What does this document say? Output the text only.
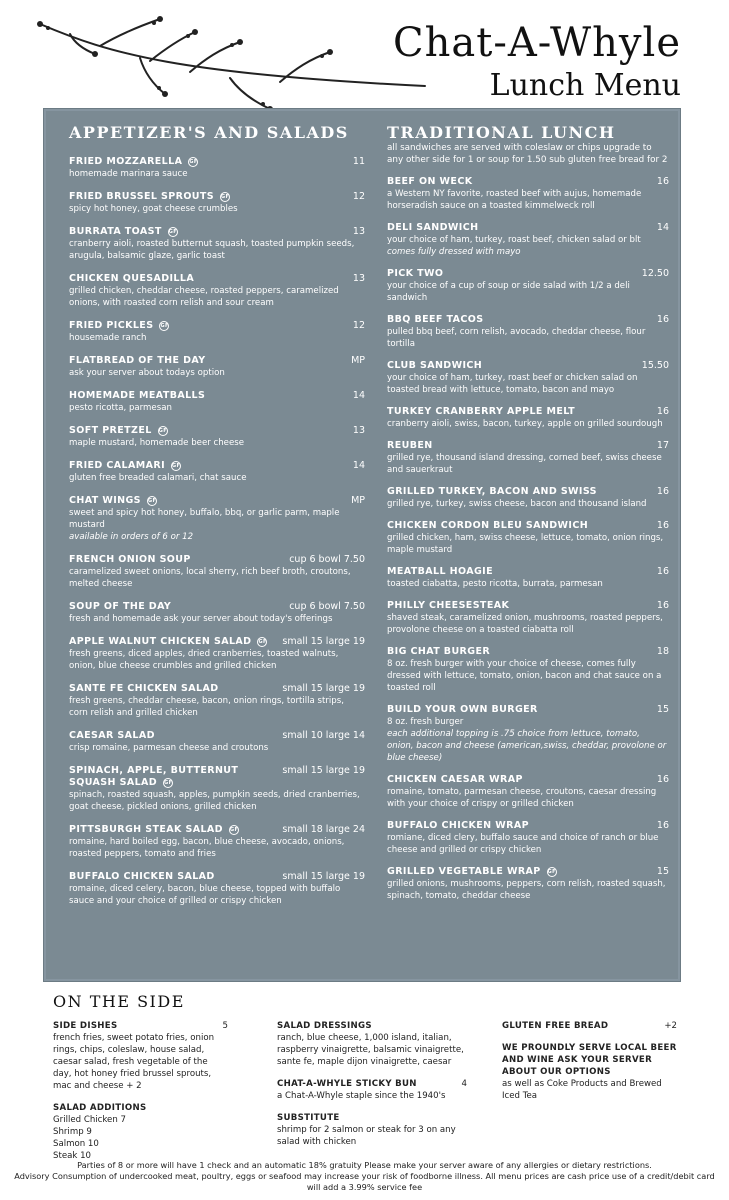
Chat-A-Whyle
Lunch Menu
APPETIZER'S AND SALADS
FRIED MOZZARELLA GF	11
homemade marinara sauce
FRIED BRUSSEL SPROUTS GF	12
spicy hot honey, goat cheese crumbles
BURRATA TOAST GF	13
cranberry aioli, roasted butternut squash, toasted pumpkin seeds, arugula, balsamic glaze, garlic toast
CHICKEN QUESADILLA	13
grilled chicken, cheddar cheese, roasted peppers, caramelized onions, with roasted corn relish and sour cream
FRIED PICKLES GF	12
housemade ranch
FLATBREAD OF THE DAY	MP
ask your server about todays option
HOMEMADE MEATBALLS	14
pesto ricotta, parmesan
SOFT PRETZEL GF	13
maple mustard, homemade beer cheese
FRIED CALAMARI GF	14
gluten free breaded calamari, chat sauce
CHAT WINGS GF	MP
sweet and spicy hot honey, buffalo, bbq, or garlic parm, maple mustard
available in orders of 6 or 12
FRENCH ONION SOUP	cup 6 bowl 7.50
caramelized sweet onions, local sherry, rich beef broth, croutons, melted cheese
SOUP OF THE DAY	cup 6 bowl 7.50
fresh and homemade ask your server about today's offerings
APPLE WALNUT CHICKEN SALAD GF small 15 large 19
fresh greens, diced apples, dried cranberries, toasted walnuts, onion, blue cheese crumbles and grilled chicken
SANTE FE CHICKEN SALAD	small 15 large 19
fresh greens, cheddar cheese, bacon, onion rings, tortilla strips, corn relish and grilled chicken
CAESAR SALAD	small 10 large 14
crisp romaine, parmesan cheese and croutons
SPINACH, APPLE, BUTTERNUT SQUASH SALAD GF
small 15 large 19
spinach, roasted squash, apples, pumpkin seeds, dried cranberries, goat cheese, pickled onions, grilled chicken
PITTSBURGH STEAK SALAD GF	small 18 large 24
romaine, hard boiled egg, bacon, blue cheese, avocado, onions, roasted peppers, tomato and fries
BUFFALO CHICKEN SALAD	small 15 large 19
romaine, diced celery, bacon, blue cheese, topped with buffalo sauce and your choice of grilled or crispy chicken
TRADITIONAL LUNCH
all sandwiches are served with coleslaw or chips upgrade to any other side for 1 or soup for 1.50 sub gluten free bread for 2
BEEF ON WECK	16
a Western NY favorite, roasted beef with aujus, homemade horseradish sauce on a toasted kimmelweck roll
DELI SANDWICH	14
your choice of ham, turkey, roast beef, chicken salad or blt
comes fully dressed with mayo
PICK TWO	12.50
your choice of a cup of soup or side salad with 1/2 a deli sandwich
BBQ BEEF TACOS	16
pulled bbq beef, corn relish, avocado, cheddar cheese, flour tortilla
CLUB SANDWICH	15.50
your choice of ham, turkey, roast beef or chicken salad on toasted bread with lettuce, tomato, bacon and mayo
TURKEY CRANBERRY APPLE MELT	16
cranberry aioli, swiss, bacon, turkey, apple on grilled sourdough
REUBEN	17
grilled rye, thousand island dressing, corned beef, swiss cheese and sauerkraut
GRILLED TURKEY, BACON AND SWISS	16
grilled rye, turkey, swiss cheese, bacon and thousand island
CHICKEN CORDON BLEU SANDWICH	16
grilled chicken, ham, swiss cheese, lettuce, tomato, onion rings, maple mustard
MEATBALL HOAGIE	16
toasted ciabatta, pesto ricotta, burrata, parmesan
PHILLY CHEESESTEAK	16
shaved steak, caramelized onion, mushrooms, roasted peppers, provolone cheese on a toasted ciabatta roll
BIG CHAT BURGER	18
8 oz. fresh burger with your choice of cheese, comes fully dressed with lettuce, tomato, onion, bacon and chat sauce on a toasted roll
BUILD YOUR OWN BURGER	15
8 oz. fresh burger
each additional topping is .75 choice from lettuce, tomato, onion, bacon and cheese (american,swiss, cheddar, provolone or blue cheese)
CHICKEN CAESAR WRAP	16
romaine, tomato, parmesan cheese, croutons, caesar dressing with your choice of crispy or grilled chicken
BUFFALO CHICKEN WRAP	16
romiane, diced clery, buffalo sauce and choice of ranch or blue cheese and grilled or crispy chicken
GRILLED VEGETABLE WRAP GF	15
grilled onions, mushrooms, peppers, corn relish, roasted squash, spinach, tomato, cheddar cheese
ON THE SIDE
SIDE DISHES	5
french fries, sweet potato fries, onion rings, chips, coleslaw, house salad, caesar salad, fresh vegetable of the day, hot honey fried brussel sprouts, mac and cheese + 2
SALAD ADDITIONS
Grilled Chicken 7
Shrimp 9
Salmon 10
Steak 10
SALAD DRESSINGS
ranch, blue cheese, 1,000 island, italian, raspberry vinaigrette, balsamic vinaigrette, sante fe, maple dijon vinaigrette, caesar
CHAT-A-WHYLE STICKY BUN	4
a Chat-A-Whyle staple since the 1940's
SUBSTITUTE
shrimp for 2 salmon or steak for 3 on any salad with chicken
GLUTEN FREE BREAD	+2
WE PROUNDLY SERVE LOCAL BEER AND WINE ASK YOUR SERVER ABOUT OUR OPTIONS
as well as Coke Products and Brewed Iced Tea
Parties of 8 or more will have 1 check and an automatic 18% gratuity Please make your server aware of any allergies or dietary restrictions.
Advisory Consumption of undercooked meat, poultry, eggs or seafood may increase your risk of foodborne illness. All menu prices are cash price use of a credit/debit card will add a 3.99% service fee
